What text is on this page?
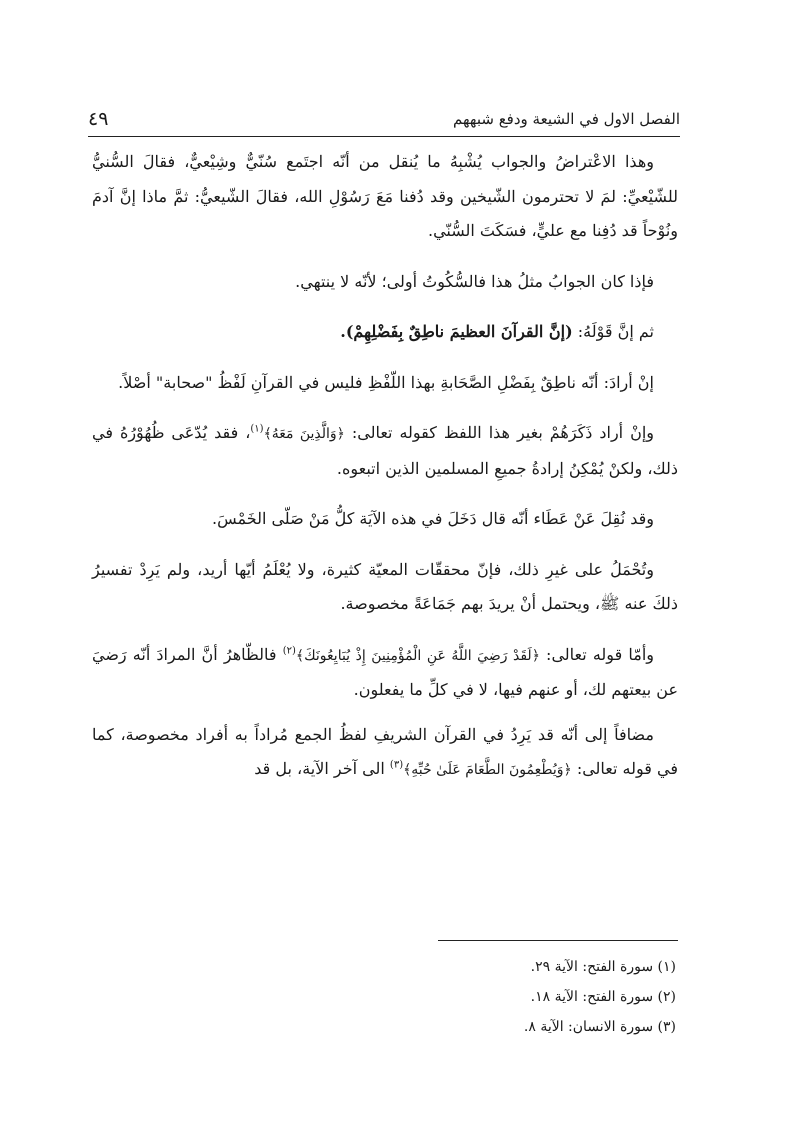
الفصل الاول في الشيعة ودفع شبههم
٤٩

وهذا الاعْتراضُ والجواب يُشْبِهُ ما يُنقل من أنّه اجتَمع سُنّيٌّ وشِيْعيٌّ، فقالَ السُّنيُّ للشّيْعيِّ: لمَ لا تحترمون الشّيخين وقد دُفنا مَعَ رَسُوْلِ الله، فقالَ الشّيعيُّ: ثمَّ ماذا إنَّ آدمَ ونُوْحاً قد دُفِنا مع عليٍّ، فسَكَتَ السُّنّي.

فإذا كان الجوابُ مثلُ هذا فالسُّكُوتُ أولى؛ لأنّه لا ينتهي.

ثم إنَّ قَوْلَهُ: (إنَّ القرآنَ العظيمَ ناطِقٌ بِفَضْلِهِمْ).

إنْ أرادَ: أنّه ناطِقٌ بِفَضْلِ الصَّحَابةِ بهذا اللّفْظِ فليس في القرآنِ لَفْظُ "صحابة" أصْلاً.

وإنْ أراد ذَكَرَهُمْ بغير هذا اللفظ كقوله تعالى: ﴿وَالَّذِينَ مَعَهُ﴾$^{(١)}$، فقد يُدّعَى ظُهُوْرُهُ في ذلك، ولكنْ يُمْكِنُ إرادةُ جميعِ المسلمين الذين اتبعوه.

وقد نُقِلَ عَنْ عَطَاء أنّه قال دَخَلَ في هذه الآيَة كلُّ مَنْ صَلّى الخَمْسَ.

وتُحْمَلُ على غيرِ ذلك، فإنّ محققّات المعيّة كثيرة، ولا يُعْلَمُ أيّها أريد، ولم يَرِدْ تفسيرُ ذلكَ عنه ﷺ، ويحتمل أنْ يريدَ بهم جَمَاعَةً مخصوصة.

وأمّا قوله تعالى: ﴿لَقَدْ رَضِيَ اللَّهُ عَنِ الْمُؤْمِنِينَ إِذْ يُبَايِعُونَكَ﴾$^{(٢)}$ فالظّاهرُ أنَّ المرادَ أنّه رَضيَ عن بيعتهم لك، أو عنهم فيها، لا في كلِّ ما يفعلون.

مضافاً إلى أنّه قد يَرِدُ في القرآن الشريفِ لفظُ الجمع مُراداً به أفراد مخصوصة، كما في قوله تعالى: ﴿وَيُطْعِمُونَ الطَّعَامَ عَلَىٰ حُبِّهِ﴾$^{(٣)}$ الى آخر الآية، بل قد

(١) سورة الفتح: الآية ٢٩.
(٢) سورة الفتح: الآية ١٨.
(٣) سورة الانسان: الآية ٨.
